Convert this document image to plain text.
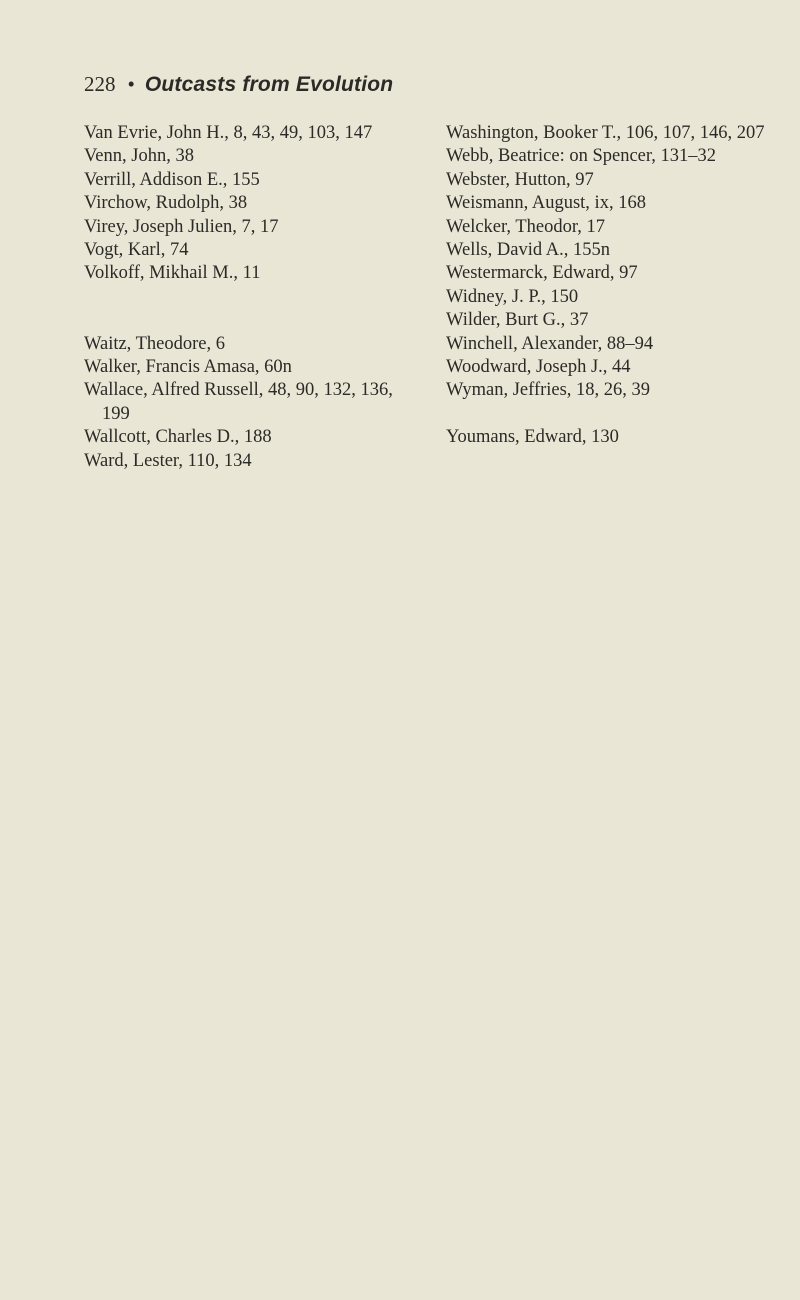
228 • Outcasts from Evolution
Van Evrie, John H., 8, 43, 49, 103, 147
Venn, John, 38
Verrill, Addison E., 155
Virchow, Rudolph, 38
Virey, Joseph Julien, 7, 17
Vogt, Karl, 74
Volkoff, Mikhail M., 11
Waitz, Theodore, 6
Walker, Francis Amasa, 60n
Wallace, Alfred Russell, 48, 90, 132, 136, 199
Wallcott, Charles D., 188
Ward, Lester, 110, 134
Washington, Booker T., 106, 107, 146, 207
Webb, Beatrice: on Spencer, 131–32
Webster, Hutton, 97
Weismann, August, ix, 168
Welcker, Theodor, 17
Wells, David A., 155n
Westermarck, Edward, 97
Widney, J. P., 150
Wilder, Burt G., 37
Winchell, Alexander, 88–94
Woodward, Joseph J., 44
Wyman, Jeffries, 18, 26, 39
Youmans, Edward, 130
